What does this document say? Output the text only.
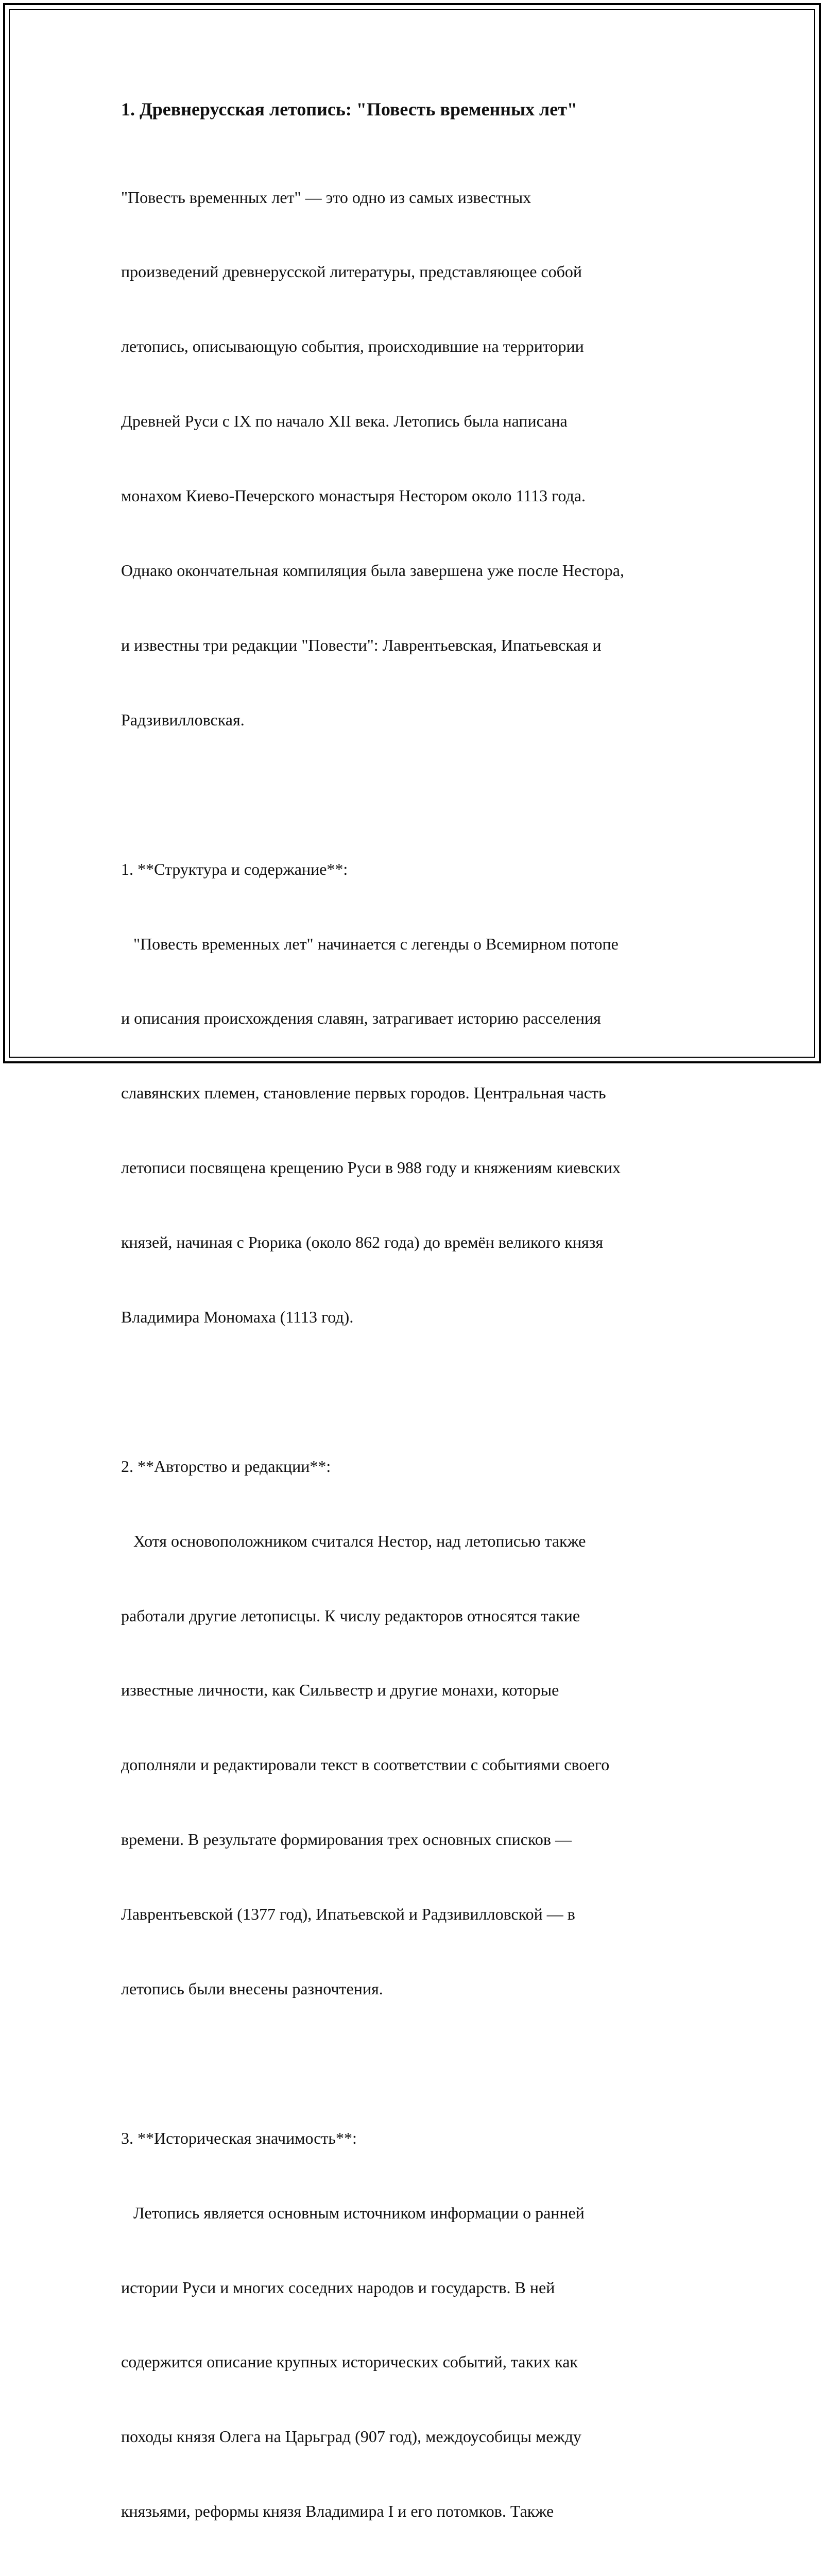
1. Древнерусская летопись: "Повесть временных лет"

"Повесть временных лет" — это одно из самых известных

произведений древнерусской литературы, представляющее собой

летопись, описывающую события, происходившие на территории

Древней Руси с IX по начало XII века. Летопись была написана

монахом Киево-Печерского монастыря Нестором около 1113 года.

Однако окончательная компиляция была завершена уже после Нестора,

и известны три редакции "Повести": Лаврентьевская, Ипатьевская и

Радзивилловская.

1. **Структура и содержание**:

"Повесть временных лет" начинается с легенды о Всемирном потопе

и описания происхождения славян, затрагивает историю расселения

славянских племен, становление первых городов. Центральная часть

летописи посвящена крещению Руси в 988 году и княжениям киевских

князей, начиная с Рюрика (около 862 года) до времён великого князя

Владимира Мономаха (1113 год).

2. **Авторство и редакции**:

Хотя основоположником считался Нестор, над летописью также

работали другие летописцы. К числу редакторов относятся такие

известные личности, как Сильвестр и другие монахи, которые

дополняли и редактировали текст в соответствии с событиями своего

времени. В результате формирования трех основных списков —

Лаврентьевской (1377 год), Ипатьевской и Радзивилловской — в

летопись были внесены разночтения.

3. **Историческая значимость**:

Летопись является основным источником информации о ранней

истории Руси и многих соседних народов и государств. В ней

содержится описание крупных исторических событий, таких как

походы князя Олега на Царьград (907 год), междоусобицы между

князьями, реформы князя Владимира I и его потомков. Также
